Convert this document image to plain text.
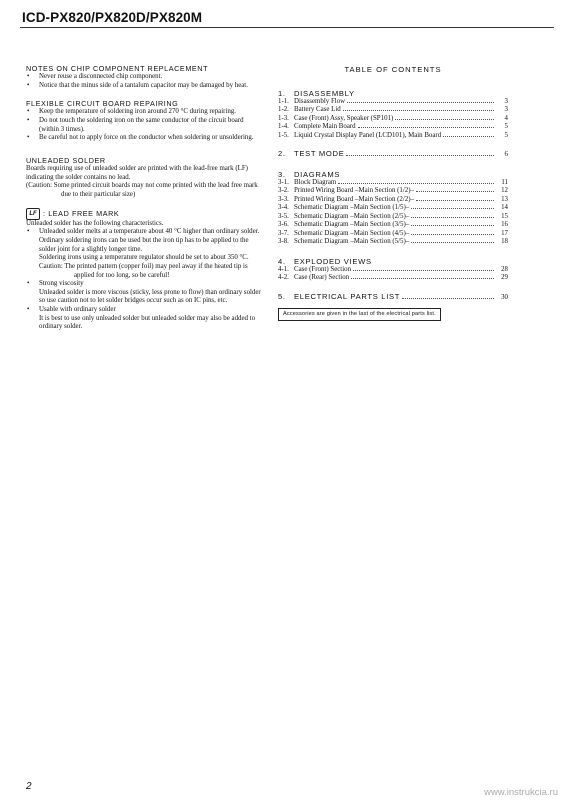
ICD-PX820/PX820D/PX820M
NOTES ON CHIP COMPONENT REPLACEMENT
• Never reuse a disconnected chip component.
• Notice that the minus side of a tantalum capacitor may be damaged by heat.
FLEXIBLE CIRCUIT BOARD REPAIRING
• Keep the temperature of soldering iron around 270 °C during repairing.
• Do not touch the soldering iron on the same conductor of the circuit board (within 3 times).
• Be careful not to apply force on the conductor when soldering or unsoldering.
UNLEADED SOLDER
Boards requiring use of unleaded solder are printed with the lead-free mark (LF) indicating the solder contains no lead.
(Caution: Some printed circuit boards may not come printed with the lead free mark due to their particular size)
LF : LEAD FREE MARK
Unleaded solder has the following characteristics.
• Unleaded solder melts at a temperature about 40 °C higher than ordinary solder.
Ordinary soldering irons can be used but the iron tip has to be applied to the solder joint for a slightly longer time.
Soldering irons using a temperature regulator should be set to about 350 °C.
Caution: The printed pattern (copper foil) may peel away if the heated tip is applied for too long, so be careful!
• Strong viscosity
Unleaded solder is more viscous (sticky, less prone to flow) than ordinary solder so use caution not to let solder bridges occur such as on IC pins, etc.
• Usable with ordinary solder
It is best to use only unleaded solder but unleaded solder may also be added to ordinary solder.
TABLE OF CONTENTS
1.	DISASSEMBLY
1-1. Disassembly Flow	3
1-2. Battery Case Lid	3
1-3. Case (Front) Assy, Speaker (SP101)	4
1-4. Complete Main Board	5
1-5. Liquid Crystal Display Panel (LCD101), Main Board	5
2.	TEST MODE	6
3.	DIAGRAMS
3-1. Block Diagram	11
3-2. Printed Wiring Board –Main Section (1/2)–	12
3-3. Printed Wiring Board –Main Section (2/2)–	13
3-4. Schematic Diagram –Main Section (1/5)–	14
3-5. Schematic Diagram –Main Section (2/5)–	15
3-6. Schematic Diagram –Main Section (3/5)–	16
3-7. Schematic Diagram –Main Section (4/5)–	17
3-8. Schematic Diagram –Main Section (5/5)–	18
4.	EXPLODED VIEWS
4-1. Case (Front) Section	28
4-2. Case (Rear) Section	29
5.	ELECTRICAL PARTS LIST	30
Accessories are given in the last of the electrical parts list.
2
www.instrukcia.ru
